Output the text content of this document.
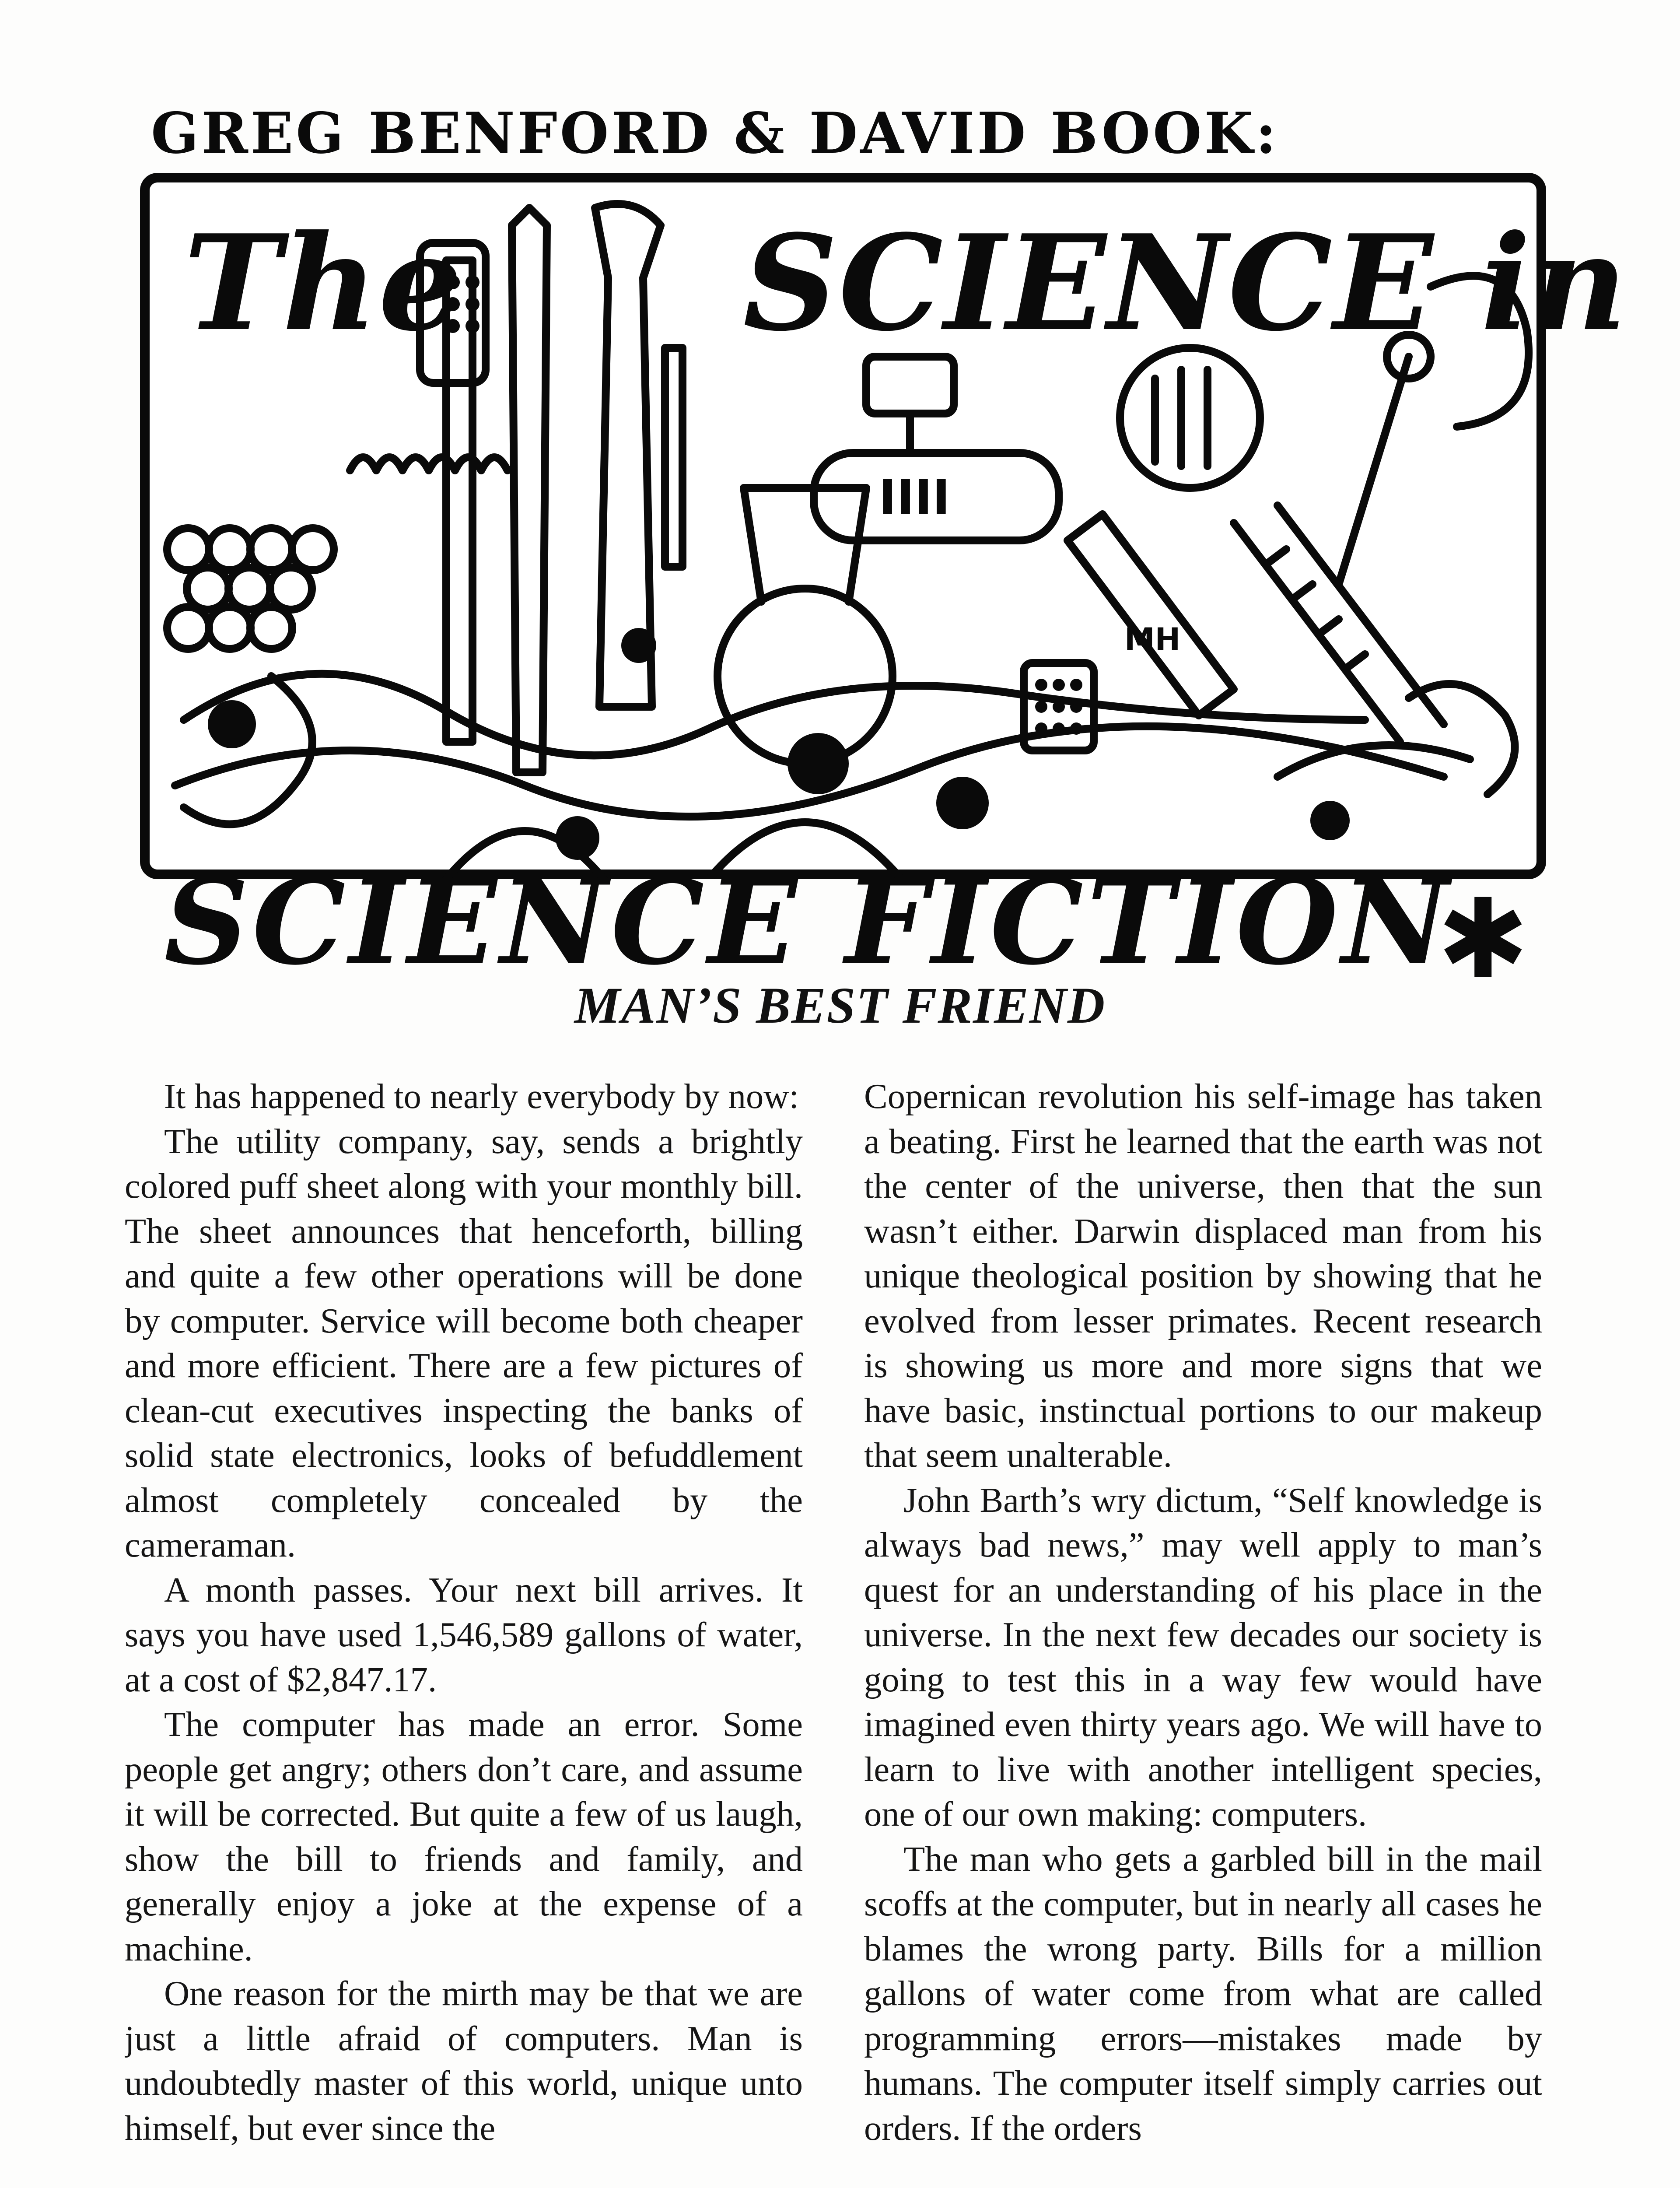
GREG BENFORD & DAVID BOOK:
IIII
MH
The SCIENCE in
SCIENCE FICTION
✱
MAN’S BEST FRIEND

It has happened to nearly everybody by now:

The utility company, say, sends a brightly colored puff sheet along with your monthly bill. The sheet announces that henceforth, billing and quite a few other operations will be done by computer. Service will become both cheaper and more efficient. There are a few pictures of clean-cut executives inspecting the banks of solid state electronics, looks of befuddlement almost completely concealed by the cameraman.

A month passes. Your next bill arrives. It says you have used 1,546,589 gallons of water, at a cost of $2,847.17.

The computer has made an error. Some people get angry; others don’t care, and assume it will be corrected. But quite a few of us laugh, show the bill to friends and family, and generally enjoy a joke at the expense of a machine.

One reason for the mirth may be that we are just a little afraid of computers. Man is undoubtedly master of this world, unique unto himself, but ever since the

Copernican revolution his self-image has taken a beating. First he learned that the earth was not the center of the universe, then that the sun wasn’t either. Darwin displaced man from his unique theological position by showing that he evolved from lesser primates. Recent research is showing us more and more signs that we have basic, instinctual portions to our makeup that seem unalterable.

John Barth’s wry dictum, “Self knowledge is always bad news,” may well apply to man’s quest for an understanding of his place in the universe. In the next few decades our society is going to test this in a way few would have imagined even thirty years ago. We will have to learn to live with another intelligent species, one of our own making: computers.

The man who gets a garbled bill in the mail scoffs at the computer, but in nearly all cases he blames the wrong party. Bills for a million gallons of water come from what are called programming errors—mistakes made by humans. The computer itself simply carries out orders. If the orders
